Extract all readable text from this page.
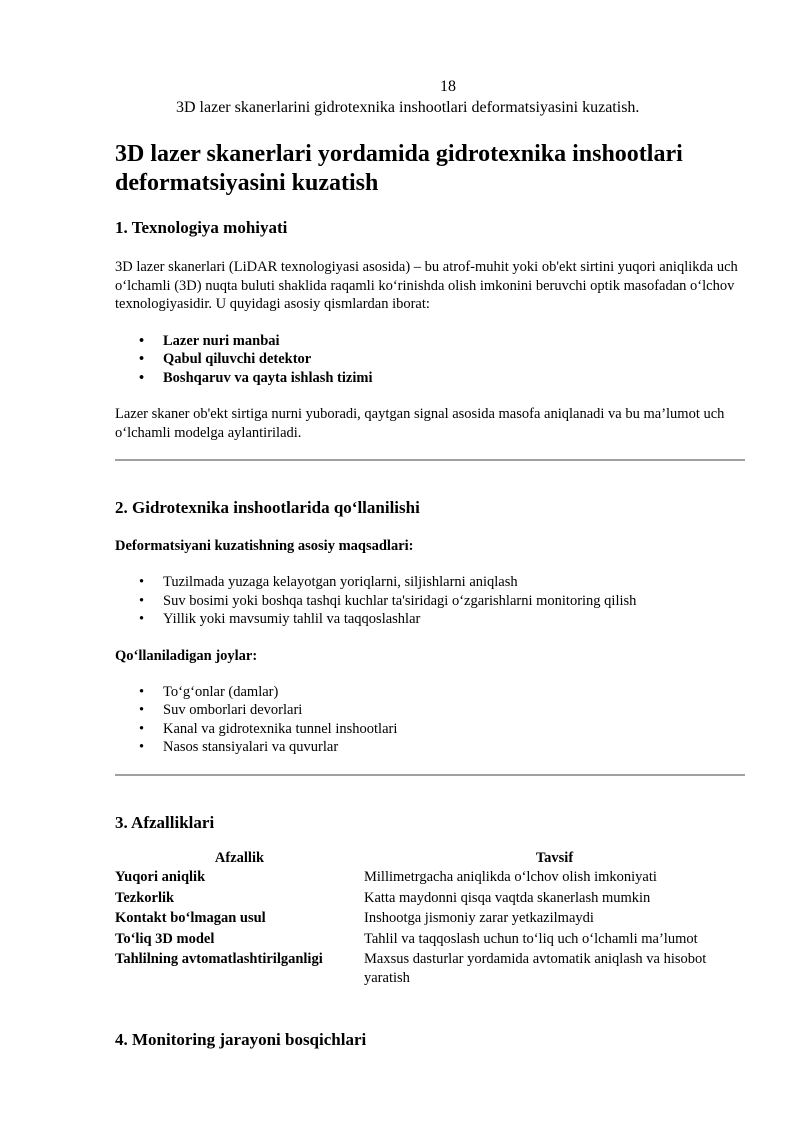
18
3D lazer skanerlarini gidrotexnika inshootlari deformatsiyasini kuzatish.
3D lazer skanerlari yordamida gidrotexnika inshootlari deformatsiyasini kuzatish
1. Texnologiya mohiyati

3D lazer skanerlari (LiDAR texnologiyasi asosida) – bu atrof-muhit yoki ob'ekt sirtini yuqori aniqlikda uch o‘lchamli (3D) nuqta buluti shaklida raqamli ko‘rinishda olish imkonini beruvchi optik masofadan o‘lchov texnologiyasidir. U quyidagi asosiy qismlardan iborat:

• Lazer nuri manbai
• Qabul qiluvchi detektor
• Boshqaruv va qayta ishlash tizimi

Lazer skaner ob'ekt sirtiga nurni yuboradi, qaytgan signal asosida masofa aniqlanadi va bu ma’lumot uch o‘lchamli modelga aylantiriladi.

2. Gidrotexnika inshootlarida qo‘llanilishi
Deformatsiyani kuzatishning asosiy maqsadlari:
• Tuzilmada yuzaga kelayotgan yoriqlarni, siljishlarni aniqlash
• Suv bosimi yoki boshqa tashqi kuchlar ta'siridagi o‘zgarishlarni monitoring qilish
• Yillik yoki mavsumiy tahlil va taqqoslashlar
Qo‘llaniladigan joylar:
• To‘g‘onlar (damlar)
• Suv omborlari devorlari
• Kanal va gidrotexnika tunnel inshootlari
• Nasos stansiyalari va quvurlar
3. Afzalliklari
Afzallik	Tavsif
Yuqori aniqlik	Millimetrgacha aniqlikda o‘lchov olish imkoniyati
Tezkorlik	Katta maydonni qisqa vaqtda skanerlash mumkin
Kontakt bo‘lmagan usul	Inshootga jismoniy zarar yetkazilmaydi
To‘liq 3D model	Tahlil va taqqoslash uchun to‘liq uch o‘lchamli ma’lumot
Tahlilning avtomatlashtirilganligi	Maxsus dasturlar yordamida avtomatik aniqlash va hisobot yaratish
4. Monitoring jarayoni bosqichlari
